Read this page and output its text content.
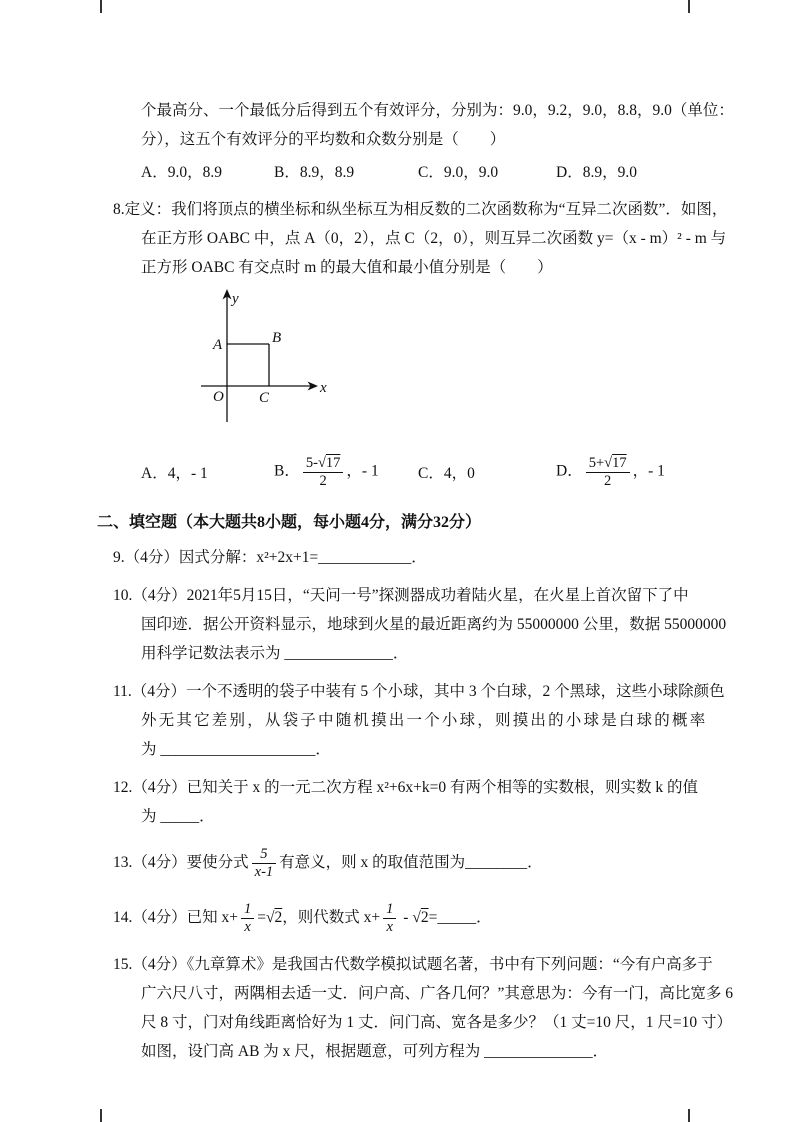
个最高分、一个最低分后得到五个有效评分，分别为：9.0，9.2，9.0，8.8，9.0（单位：
分），这五个有效评分的平均数和众数分别是（　　）
A．9.0，8.9	B．8.9，8.9	C．9.0，9.0	D．8.9，9.0
8.定义：我们将顶点的横坐标和纵坐标互为相反数的二次函数称为“互异二次函数”．如图，
在正方形 OABC 中，点 A（0，2），点 C（2，0），则互异二次函数 y=（x - m）² - m 与
正方形 OABC 有交点时 m 的最大值和最小值分别是（　　）
y
x
O
A	B
C
A．4，- 1	B． $\frac{5-√17}{2}$ ，- 1	C．4，0	D． $\frac{5+√17}{2}$ ，- 1
二、填空题（本大题共8小题，每小题4分，满分32分）
9.（4分）因式分解：x²+2x+1=____________．
10.（4分）2021年5月15日，“天问一号”探测器成功着陆火星，在火星上首次留下了中
国印迹．据公开资料显示，地球到火星的最近距离约为 55000000 公里，数据 55000000
用科学记数法表示为 ______________．
11.（4分）一个不透明的袋子中装有 5 个小球，其中 3 个白球，2 个黑球，这些小球除颜色
外无其它差别，从袋子中随机摸出一个小球，则摸出的小球是白球的概率
为 ____________________．
12.（4分）已知关于 x 的一元二次方程 x²+6x+k=0 有两个相等的实数根，则实数 k 的值
为 _____．
13.（4分）要使分式 $\frac{5}{x-1}$ 有意义，则 x 的取值范围为________．
14.（4分）已知 $x+ \frac{1}{x} =√2$，则代数式 $x+ \frac{1}{x}$ - √2=_____．
15.（4分）《九章算术》是我国古代数学模拟试题名著，书中有下列问题：“今有户高多于
广六尺八寸，两隅相去适一丈．问户高、广各几何？”其意思为：今有一门，高比宽多 6
尺 8 寸，门对角线距离恰好为 1 丈．问门高、宽各是多少？（1 丈=10 尺，1 尺=10 寸）
如图，设门高 AB 为 x 尺，根据题意，可列方程为 ______________．
